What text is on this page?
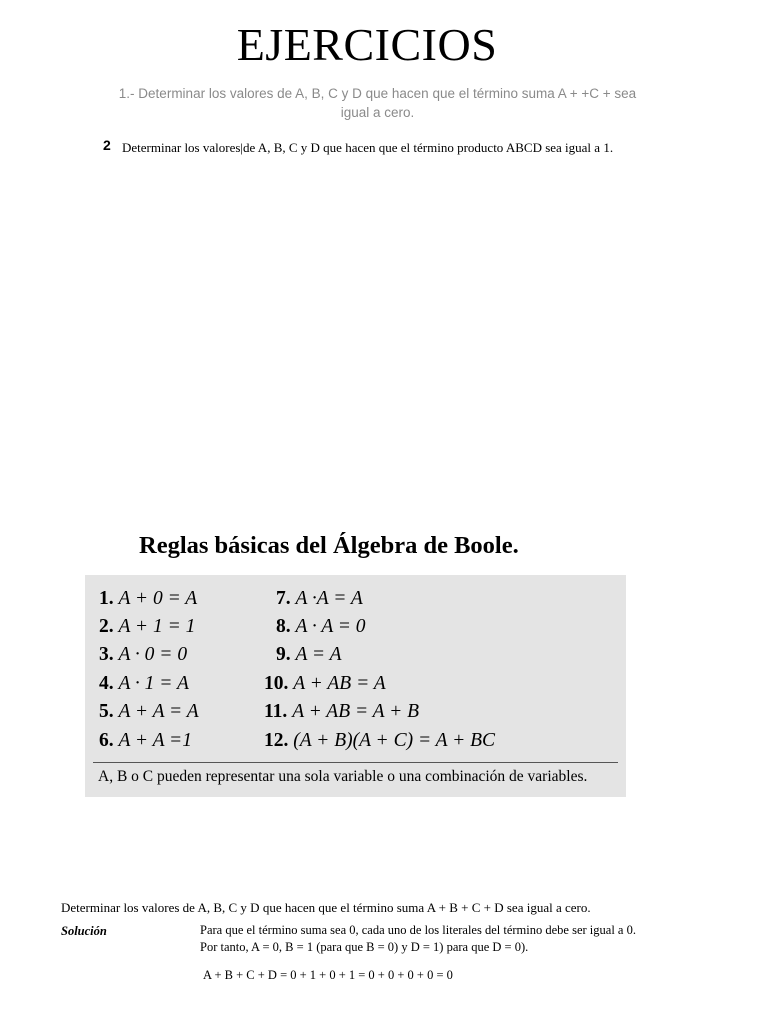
EJERCICIOS
1.- Determinar los valores de A, B, C y D que hacen que el término suma A + +C + sea
igual a cero.
2 Determinar los valores|de A, B, C y D que hacen que el término producto ABCD sea igual a 1.
Reglas básicas del Álgebra de Boole.
1. A + 0 = A
2. A + 1 = 1
3. A · 0 = 0
4. A · 1 = A
5. A + A = A
6. A + A =1
7. A ·A = A
8. A · A = 0
9. A = A
10. A + AB = A
11. A + AB = A + B
12. (A + B)(A + C) = A + BC
A, B o C pueden representar una sola variable o una combinación de variables.
Determinar los valores de A, B, C y D que hacen que el término suma A + B + C + D sea igual a cero.
Solución	Para que el término suma sea 0, cada uno de los literales del término debe ser igual a 0. Por tanto, A = 0, B = 1 (para que B = 0) y D = 1) para que D = 0).
A + B + C + D = 0 + 1 + 0 + 1 = 0 + 0 + 0 + 0 = 0
